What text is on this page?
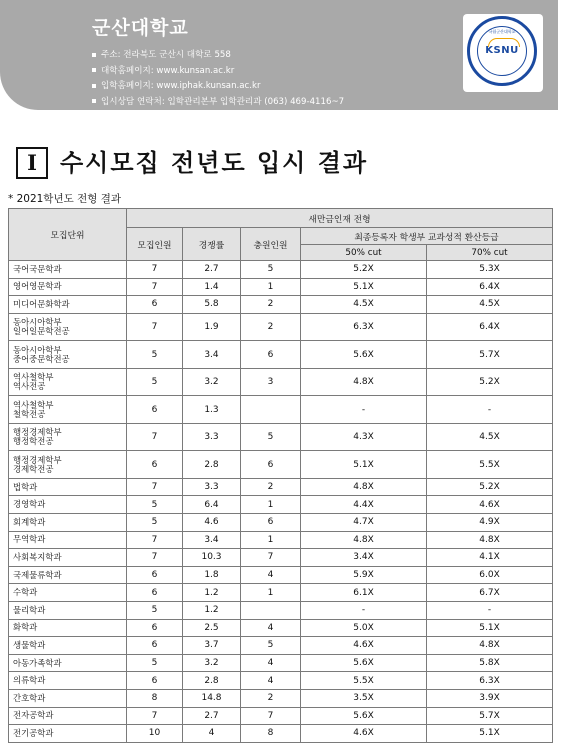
군산대학교
주소: 전라북도 군산시 대학로 558
대학홈페이지: www.kunsan.ac.kr
입학홈페이지: www.iphak.kunsan.ac.kr
입시상담 연락처: 입학관리본부 입학관리과 (063) 469-4116~7
국립군산대학교
KSNU
I 수시모집 전년도 입시 결과
* 2021학년도 전형 결과
모집단위	새만금인재 전형				
	모집인원	경쟁률	충원인원	최종등록자 학생부 교과성적 환산등급	
				50% cut	70% cut

국어국문학과	7	2.7	5	5.2X	5.3X

영어영문학과	7	1.4	1	5.1X	6.4X

미디어문화학과	6	5.8	2	4.5X	4.5X

동아시아학부
일어일문학전공	7	1.9	2	6.3X	6.4X

동아시아학부
중어중문학전공	5	3.4	6	5.6X	5.7X

역사철학부
역사전공	5	3.2	3	4.8X	5.2X

역사철학부
철학전공	6	1.3		-	-

행정경제학부
행정학전공	7	3.3	5	4.3X	4.5X

행정경제학부
경제학전공	6	2.8	6	5.1X	5.5X

법학과	7	3.3	2	4.8X	5.2X

경영학과	5	6.4	1	4.4X	4.6X

회계학과	5	4.6	6	4.7X	4.9X

무역학과	7	3.4	1	4.8X	4.8X

사회복지학과	7	10.3	7	3.4X	4.1X

국제물류학과	6	1.8	4	5.9X	6.0X

수학과	6	1.2	1	6.1X	6.7X

물리학과	5	1.2		-	-

화학과	6	2.5	4	5.0X	5.1X

생물학과	6	3.7	5	4.6X	4.8X

아동가족학과	5	3.2	4	5.6X	5.8X

의류학과	6	2.8	4	5.5X	6.3X

간호학과	8	14.8	2	3.5X	3.9X

전자공학과	7	2.7	7	5.6X	5.7X

전기공학과	10	4	8	4.6X	5.1X
